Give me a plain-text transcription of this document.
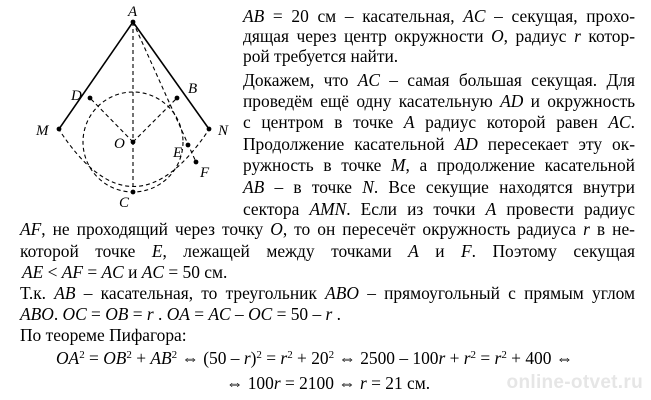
A
D	B
M
O
N
E
F
C
AB = 20 см – касательная, AC – секущая, прохо-
дящая через центр окружности O, радиус r котор-
рой требуется найти.
Докажем, что AC – самая большая секущая. Для
проведём ещё одну касательную AD и окружность
с центром в точке A радиус которой равен AC.
Продолжение касательной AD пересекает эту ок-
ружность в точке M, а продолжение касательной
AB – в точке N. Все секущие находятся внутри
сектора AMN. Если из точки A провести радиус
AF, не проходящий через точку O, то он пересечёт окружность радиуса r в не-
которой точке E, лежащей между точками A и F. Поэтому секущая
AE < AF = AC и AC = 50 см.
Т.к. AB – касательная, то треугольник ABO – прямоугольный с прямым углом
ABO. OC = OB = r . OA = AC – OC = 50 – r .
По теореме Пифагора:
$OA^2 = OB^2 + AB^2$ ⇔ $(50 - r)^2 = r^2 + 20^2$ ⇔ $2500 - 100r + r^2 = r^2 + 400$ ⇔
⇔ 100r = 2100 ⇔ r = 21 см.	online-otvet.ru
